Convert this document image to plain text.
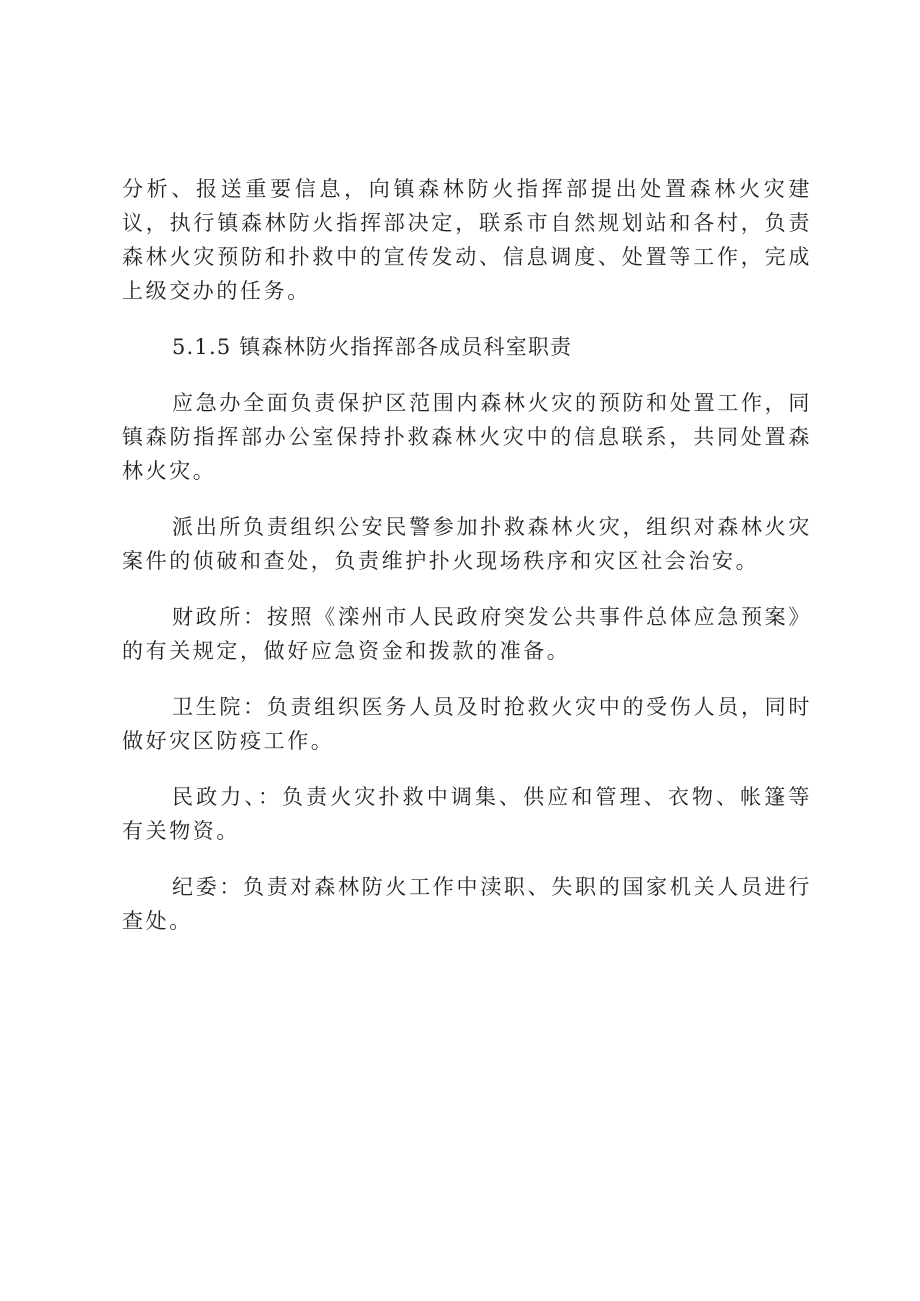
分析、报送重要信息，向镇森林防火指挥部提出处置森林火灾建议，执行镇森林防火指挥部决定，联系市自然规划站和各村，负责森林火灾预防和扑救中的宣传发动、信息调度、处置等工作，完成上级交办的任务。

5.1.5 镇森林防火指挥部各成员科室职责

应急办全面负责保护区范围内森林火灾的预防和处置工作，同镇森防指挥部办公室保持扑救森林火灾中的信息联系，共同处置森林火灾。

派出所负责组织公安民警参加扑救森林火灾，组织对森林火灾案件的侦破和查处，负责维护扑火现场秩序和灾区社会治安。

财政所：按照《滦州市人民政府突发公共事件总体应急预案》的有关规定，做好应急资金和拨款的准备。

卫生院：负责组织医务人员及时抢救火灾中的受伤人员，同时做好灾区防疫工作。

民政力、：负责火灾扑救中调集、供应和管理、衣物、帐篷等有关物资。

纪委：负责对森林防火工作中渎职、失职的国家机关人员进行查处。
